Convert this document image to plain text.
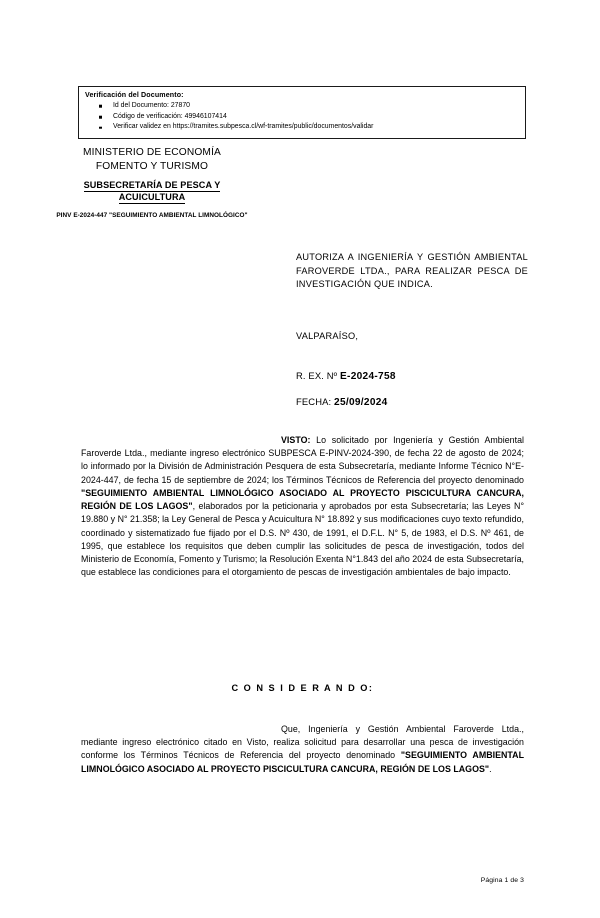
Verificación del Documento:
Id del Documento: 27870
Código de verificación: 49946107414
Verificar validez en https://tramites.subpesca.cl/wf-tramites/public/documentos/validar
MINISTERIO DE ECONOMÍA
FOMENTO Y TURISMO
SUBSECRETARÍA DE PESCA Y
ACUICULTURA
PINV E-2024-447 "SEGUIMIENTO AMBIENTAL LIMNOLÓGICO"
AUTORIZA A INGENIERÍA Y GESTIÓN AMBIENTAL FAROVERDE LTDA., PARA REALIZAR PESCA DE INVESTIGACIÓN QUE INDICA.
VALPARAÍSO,
R. EX. Nº E-2024-758
FECHA: 25/09/2024
VISTO: Lo solicitado por Ingeniería y Gestión Ambiental Faroverde Ltda., mediante ingreso electrónico SUBPESCA E-PINV-2024-390, de fecha 22 de agosto de 2024; lo informado por la División de Administración Pesquera de esta Subsecretaría, mediante Informe Técnico N°E-2024-447, de fecha 15 de septiembre de 2024; los Términos Técnicos de Referencia del proyecto denominado "SEGUIMIENTO AMBIENTAL LIMNOLÓGICO ASOCIADO AL PROYECTO PISCICULTURA CANCURA, REGIÓN DE LOS LAGOS", elaborados por la peticionaria y aprobados por esta Subsecretaría; las Leyes N° 19.880 y N° 21.358; la Ley General de Pesca y Acuicultura N° 18.892 y sus modificaciones cuyo texto refundido, coordinado y sistematizado fue fijado por el D.S. Nº 430, de 1991, el D.F.L. N° 5, de 1983, el D.S. Nº 461, de 1995, que establece los requisitos que deben cumplir las solicitudes de pesca de investigación, todos del Ministerio de Economía, Fomento y Turismo; la Resolución Exenta N°1.843 del año 2024 de esta Subsecretaría, que establece las condiciones para el otorgamiento de pescas de investigación ambientales de bajo impacto.
C O N S I D E R A N D O:
Que, Ingeniería y Gestión Ambiental Faroverde Ltda., mediante ingreso electrónico citado en Visto, realiza solicitud para desarrollar una pesca de investigación conforme los Términos Técnicos de Referencia del proyecto denominado "SEGUIMIENTO AMBIENTAL LIMNOLÓGICO ASOCIADO AL PROYECTO PISCICULTURA CANCURA, REGIÓN DE LOS LAGOS".
Página 1 de 3
